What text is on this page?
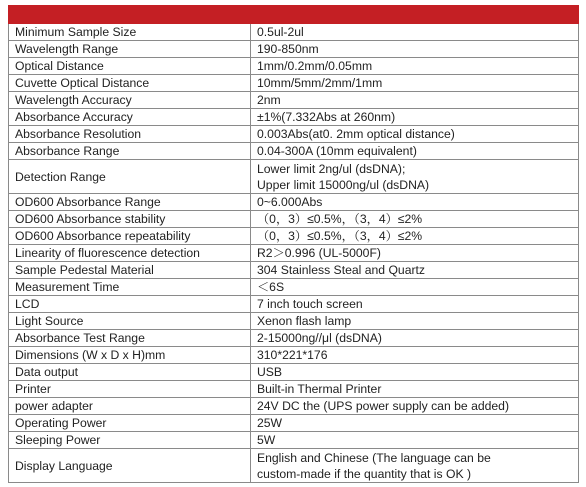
Minimum Sample Size	0.5ul-2ul
Wavelength Range	190-850nm
Optical Distance	1mm/0.2mm/0.05mm
Cuvette Optical Distance	10mm/5mm/2mm/1mm
Wavelength Accuracy	2nm
Absorbance Accuracy	±1%(7.332Abs at 260nm)
Absorbance Resolution	0.003Abs(at0. 2mm optical distance)
Absorbance Range	0.04-300A (10mm equivalent)
Detection Range	Lower limit 2ng/ul (dsDNA);
Upper limit 15000ng/ul (dsDNA)

OD600 Absorbance Range	0~6.000Abs
OD600 Absorbance stability	（0，3）≤0.5%，（3，4）≤2%
OD600 Absorbance repeatability	（0，3）≤0.5%，（3，4）≤2%
Linearity of fluorescence detection	R2＞0.996 (UL-5000F)
Sample Pedestal Material	304 Stainless Steal and Quartz
Measurement Time	＜6S
LCD	7 inch touch screen
Light Source	Xenon flash lamp
Absorbance Test Range	2-15000ng//μl (dsDNA)
Dimensions (W x D x H)mm	310*221*176
Data output	USB
Printer	Built-in Thermal Printer
power adapter	24V DC the (UPS power supply can be added)
Operating Power	25W
Sleeping Power	5W
Display Language	English and Chinese (The language can be
custom-made if the quantity that is OK )
